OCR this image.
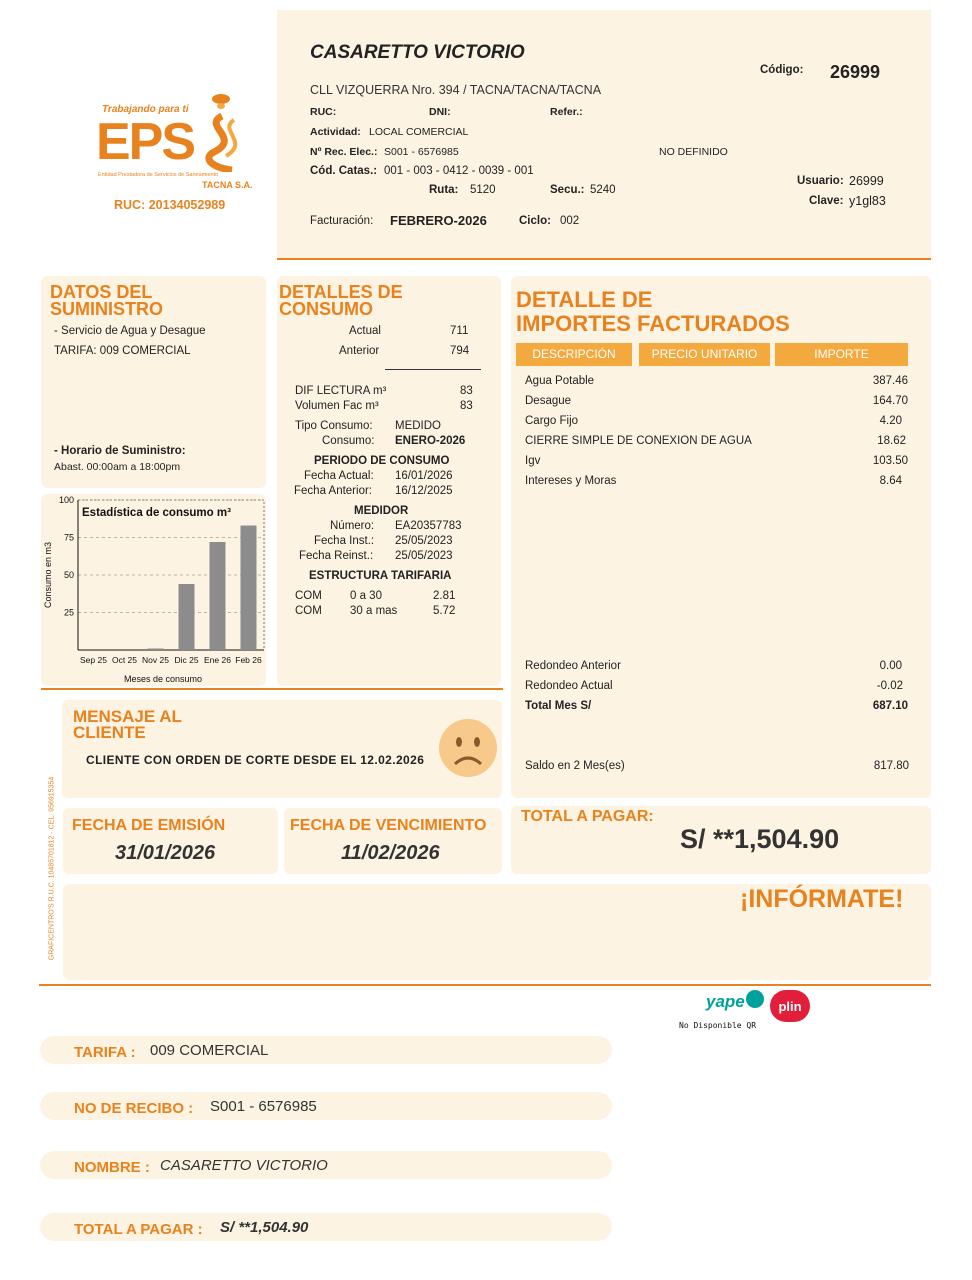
Trabajando para ti
EPS
Entidad Prestadora de Servicios de Saneamiento
TACNA S.A.
RUC: 20134052989
CASARETTO VICTORIO
CLL VIZQUERRA Nro. 394 / TACNA/TACNA/TACNA
Código: 26999
RUC:	DNI:	Refer.:
Actividad: LOCAL COMERCIAL
Nº Rec. Elec.: S001 - 6576985	NO DEFINIDO
Cód. Catas.: 001 - 003 - 0412 - 0039 - 001
Ruta: 5120	Secu.: 5240
Usuario: 26999
Clave: y1gl83
Facturación: FEBRERO-2026	Ciclo: 002
DATOS DEL
SUMINISTRO
- Servicio de Agua y Desague
TARIFA: 009 COMERCIAL
- Horario de Suministro:
Abast. 00:00am a 18:00pm
25
50
75
100
Sep 25 Oct 25 Nov 25 Dic 25 Ene 26 Feb 26
Estadística de consumo m³
Meses de consumo
Consumo en m3
DETALLES DE
CONSUMO
Actual	711
Anterior	794
DIF LECTURA m³	83
Volumen Fac m³	83
Tipo Consumo: MEDIDO
Consumo: ENERO-2026
PERIODO DE CONSUMO
Fecha Actual: 16/01/2026
Fecha Anterior: 16/12/2025
MEDIDOR
Número: EA20357783
Fecha Inst.: 25/05/2023
Fecha Reinst.: 25/05/2023
ESTRUCTURA TARIFARIA
COM 0 a 30	2.81
COM 30 a mas	5.72
DETALLE DE
IMPORTES FACTURADOS
DESCRIPCIÓN	PRECIO UNITARIO	IMPORTE
Agua Potable	387.46
Desague	164.70
Cargo Fijo	4.20
CIERRE SIMPLE DE CONEXION DE AGUA	18.62
Igv	103.50
Intereses y Moras	8.64
Redondeo Anterior	0.00
Redondeo Actual	-0.02
Total Mes S/	687.10
Saldo en 2 Mes(es)	817.80
MENSAJE AL
CLIENTE
CLIENTE CON ORDEN DE CORTE DESDE EL 12.02.2026
GRAFICENTRO'S R.U.C. 10485701812 - CEL. 956915354 FECHA DE EMISIÓN
31/01/2026
FECHA DE VENCIMIENTO
11/02/2026
TOTAL A PAGAR:
S/ **1,504.90
¡INFÓRMATE!
yape	$_{plin}$
No Disponible QR
TARIFA : 009 COMERCIAL
NO DE RECIBO : S001 - 6576985
NOMBRE : CASARETTO VICTORIO
TOTAL A PAGAR : S/ **1,504.90
